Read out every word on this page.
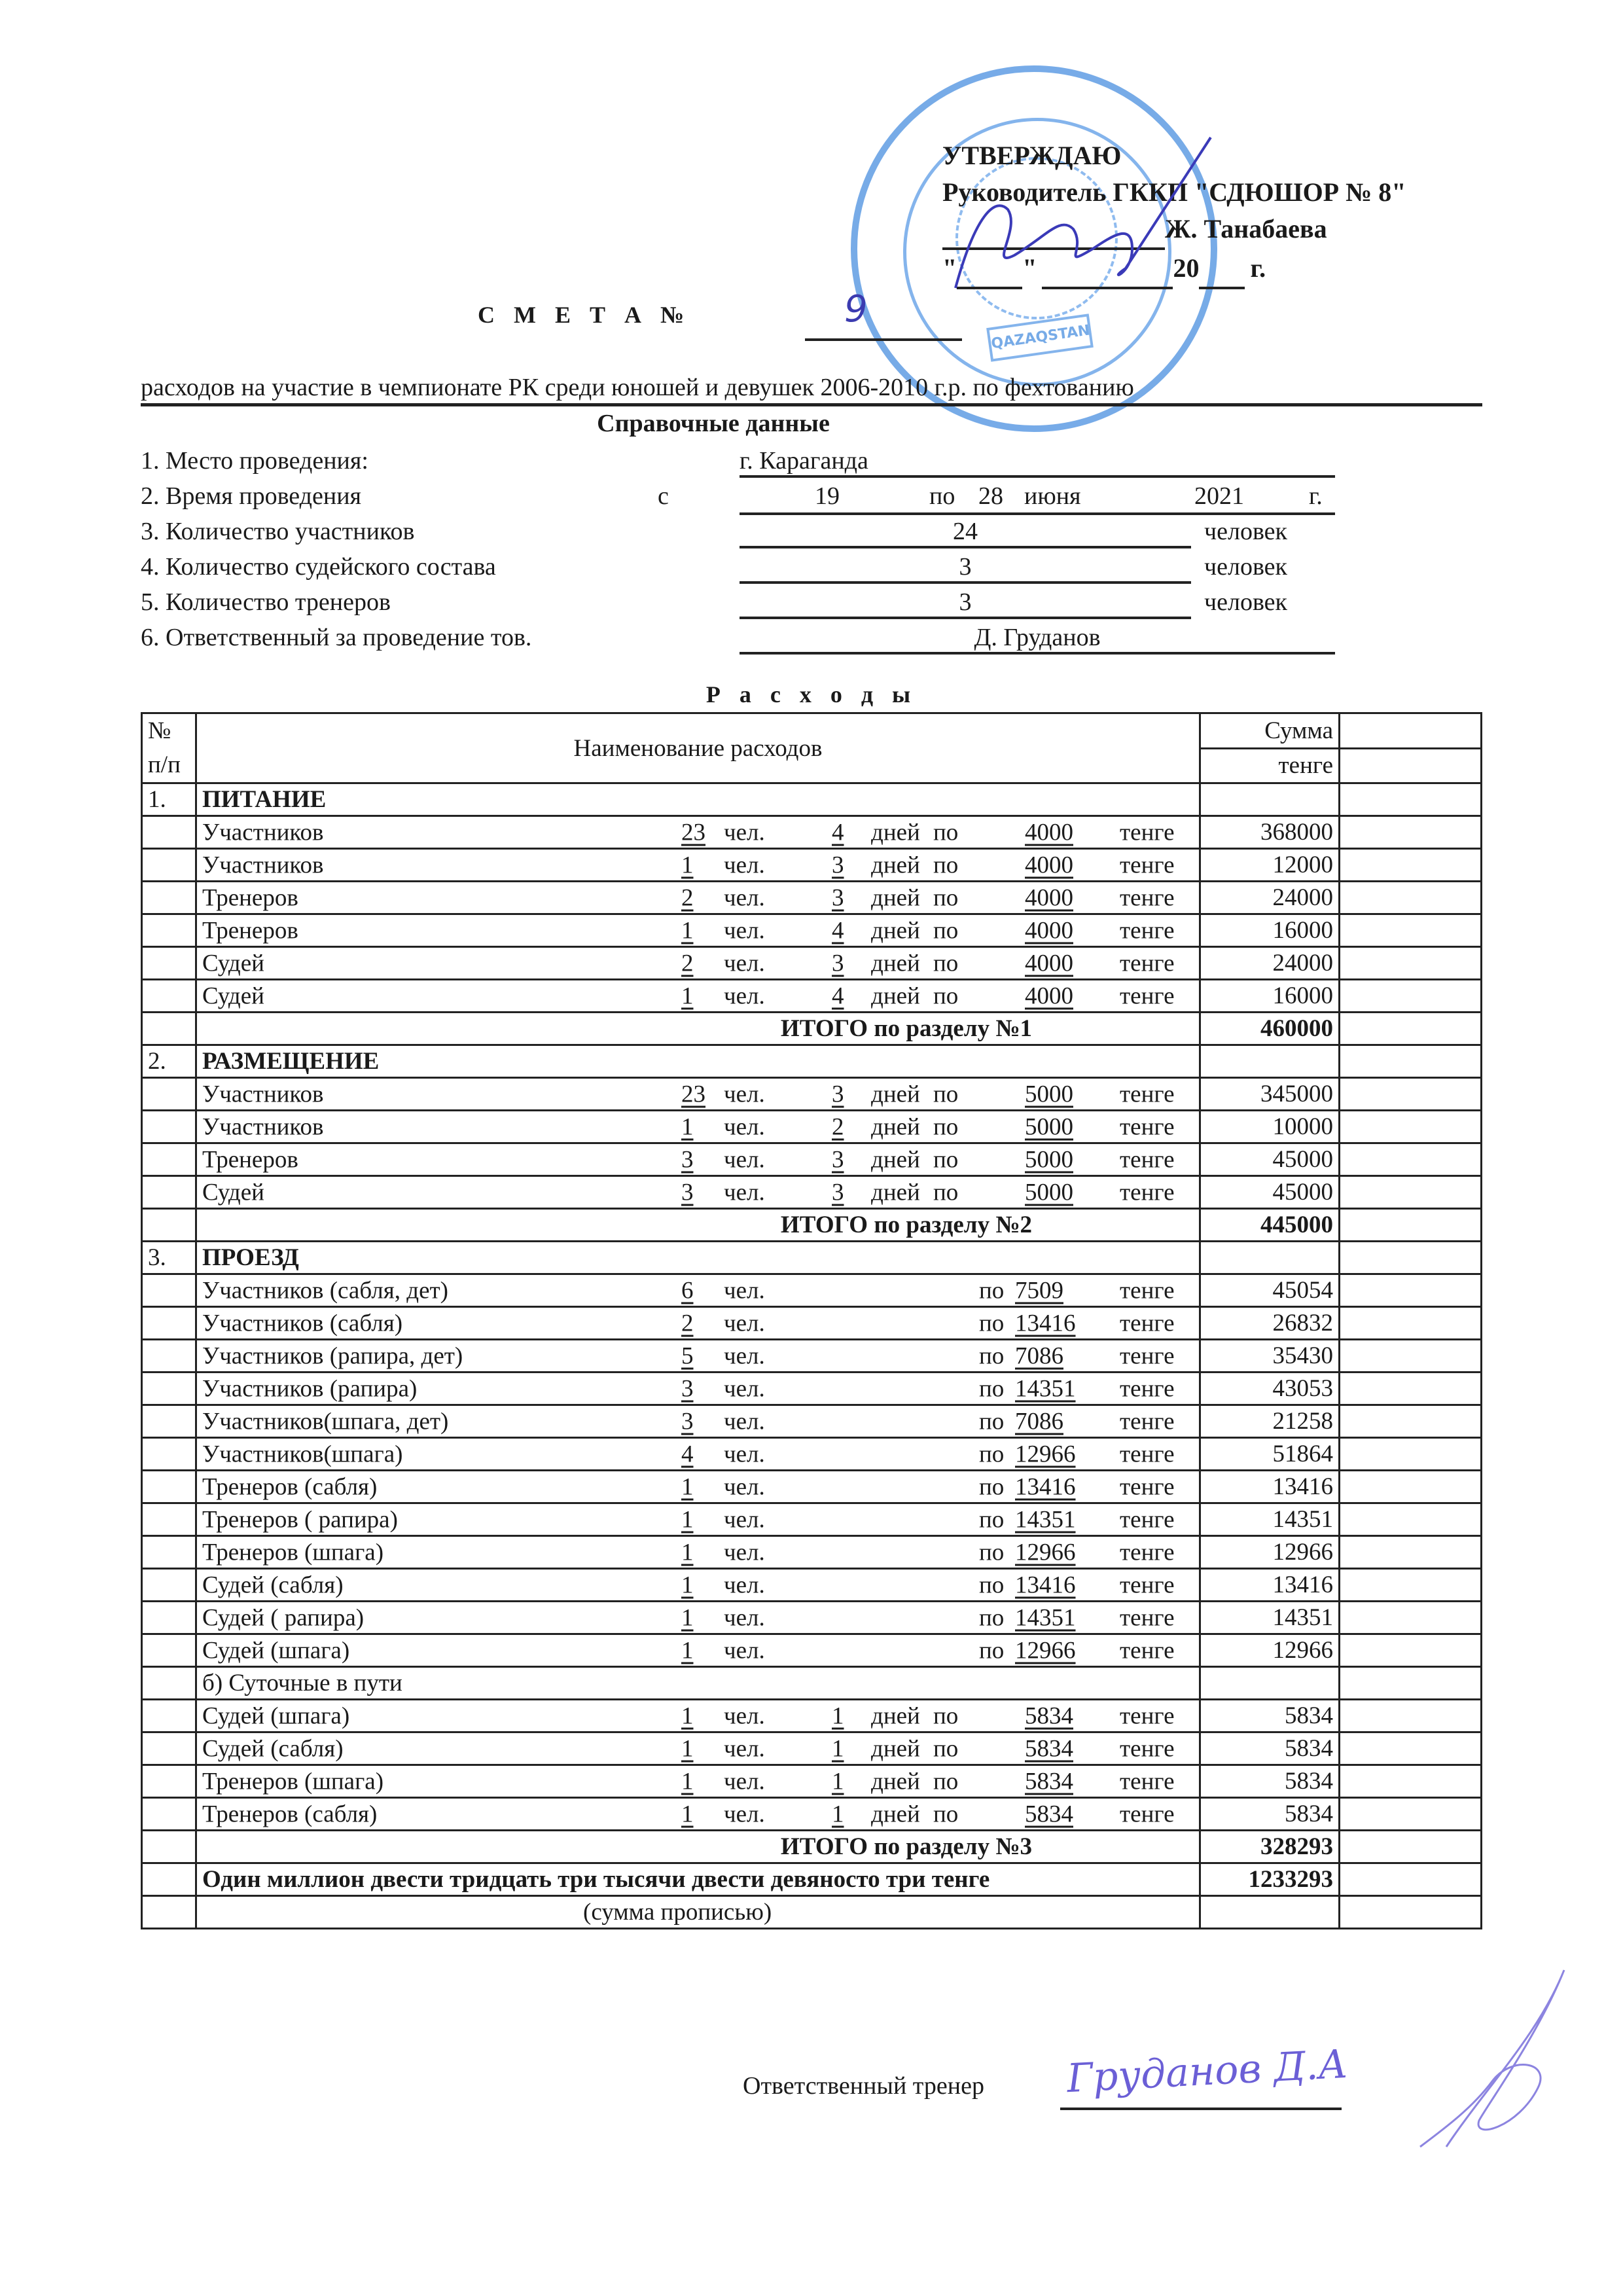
QAZAQSTAN
УТВЕРЖДАЮ
Руководитель ГККП "СДЮШОР № 8"
Ж. Танабаева
"	"	20 г.
С М Е Т А №	9
расходов на участие в чемпионате РК среди юношей и девушек 2006-2010 г.р. по фехтованию
Справочные данные
1. Место проведения:	г. Караганда
2. Время проведения	с	19	по 28 июня	2021	г.
3. Количество участников	24	человек
4. Количество судейского состава	3	человек
5. Количество тренеров	3	человек
6. Ответственный за проведение тов.	Д. Груданов
Р а с х о д ы
№
п/п	Наименование расходов	Сумма	
		тенге	
1.	ПИТАНИЕ		

Участников	23 чел.	4 дней по	4000 тенге	368000	

Участников	1 чел.	3 дней по	4000 тенге	12000	

Тренеров	2 чел.	3 дней по	4000 тенге	24000	

Тренеров	1 чел.	4 дней по	4000 тенге	16000	

Судей	2 чел.	3 дней по	4000 тенге	24000	

Судей	1 чел.	4 дней по	4000 тенге	16000	
	ИТОГО по разделу №1	460000	
2.	РАЗМЕЩЕНИЕ		

Участников	23 чел.	3 дней по	5000 тенге	345000	

Участников	1 чел.	2 дней по	5000 тенге	10000	

Тренеров	3 чел.	3 дней по	5000 тенге	45000	

Судей	3 чел.	3 дней по	5000 тенге	45000	
	ИТОГО по разделу №2	445000	
3.	ПРОЕЗД		

Участников (сабля, дет)	6 чел.	по 7509 тенге	45054	

Участников (сабля)	2 чел.	по 13416 тенге	26832	

Участников (рапира, дет)	5 чел.	по 7086 тенге	35430	

Участников (рапира)	3 чел.	по 14351 тенге	43053	

Участников(шпага, дет)	3 чел.	по 7086 тенге	21258	

Участников(шпага)	4 чел.	по 12966 тенге	51864	

Тренеров (сабля)	1 чел.	по 13416 тенге	13416	

Тренеров ( рапира)	1 чел.	по 14351 тенге	14351	

Тренеров (шпага)	1 чел.	по 12966 тенге	12966	

Судей (сабля)	1 чел.	по 13416 тенге	13416	

Судей ( рапира)	1 чел.	по 14351 тенге	14351	

Судей (шпага)	1 чел.	по 12966 тенге	12966	
	б) Суточные в пути		

Судей (шпага)	1 чел.	1 дней по	5834 тенге	5834	

Судей (сабля)	1 чел.	1 дней по	5834 тенге	5834	

Тренеров (шпага)	1 чел.	1 дней по	5834 тенге	5834	

Тренеров (сабля)	1 чел.	1 дней по	5834 тенге	5834	
	ИТОГО по разделу №3	328293	
	Один миллион двести тридцать три тысячи двести девяносто три тенге	1233293	
	(сумма прописью)		
Ответственный тренер Груданов Д.А
